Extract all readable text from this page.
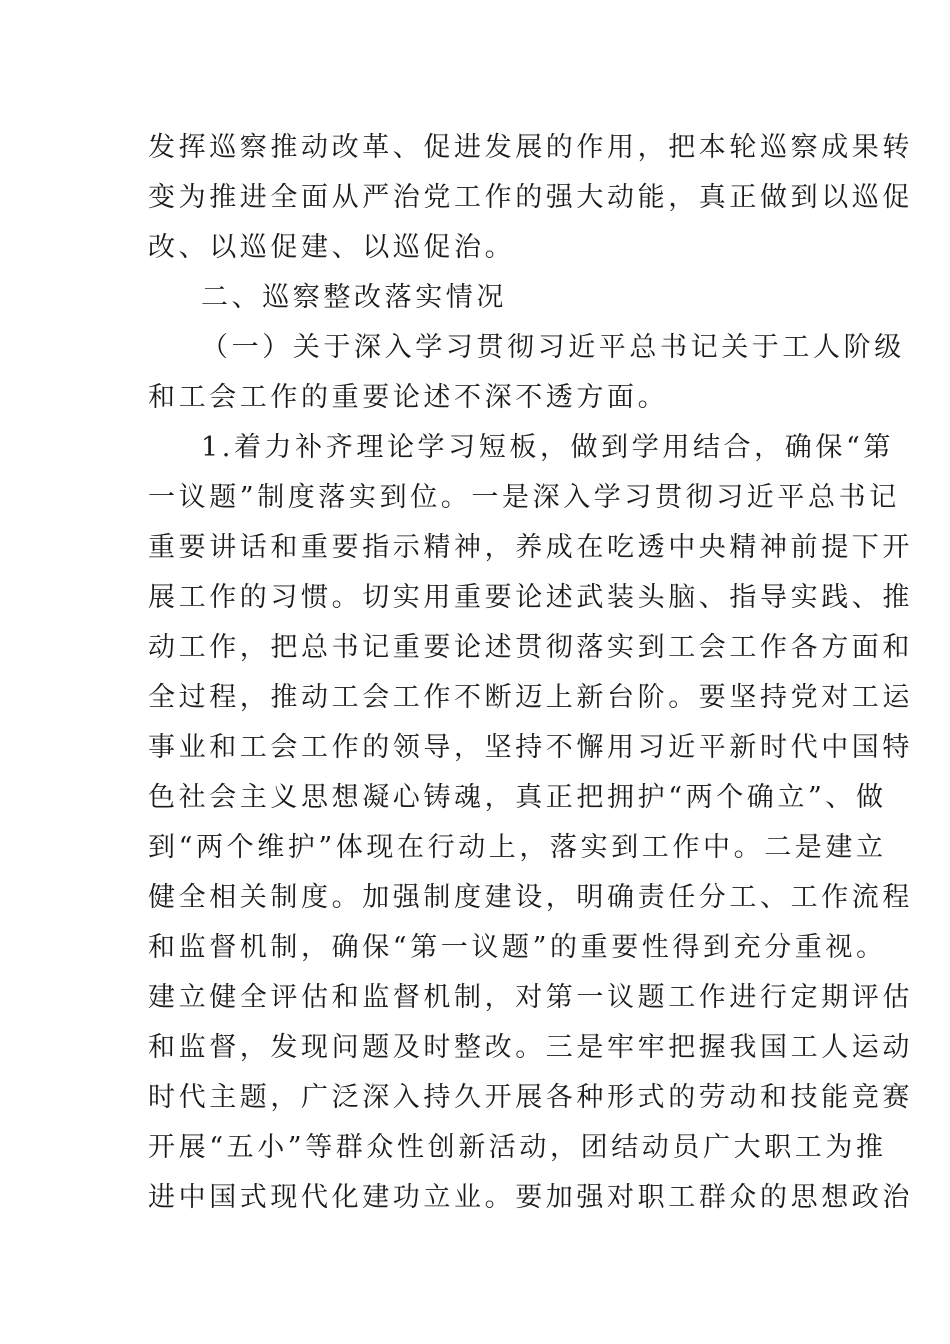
发挥巡察推动改革、促进发展的作用，把本轮巡察成果转
变为推进全面从严治党工作的强大动能，真正做到以巡促
改、以巡促建、以巡促治。
二、巡察整改落实情况
（一）关于深入学习贯彻习近平总书记关于工人阶级
和工会工作的重要论述不深不透方面。
1.着力补齐理论学习短板，做到学用结合，确保“第
一议题”制度落实到位。一是深入学习贯彻习近平总书记
重要讲话和重要指示精神，养成在吃透中央精神前提下开
展工作的习惯。切实用重要论述武装头脑、指导实践、推
动工作，把总书记重要论述贯彻落实到工会工作各方面和
全过程，推动工会工作不断迈上新台阶。要坚持党对工运
事业和工会工作的领导，坚持不懈用习近平新时代中国特
色社会主义思想凝心铸魂，真正把拥护“两个确立”、做
到“两个维护”体现在行动上，落实到工作中。二是建立
健全相关制度。加强制度建设，明确责任分工、工作流程
和监督机制，确保“第一议题”的重要性得到充分重视。
建立健全评估和监督机制，对第一议题工作进行定期评估
和监督，发现问题及时整改。三是牢牢把握我国工人运动
时代主题，广泛深入持久开展各种形式的劳动和技能竞赛
开展“五小”等群众性创新活动，团结动员广大职工为推
进中国式现代化建功立业。要加强对职工群众的思想政治
